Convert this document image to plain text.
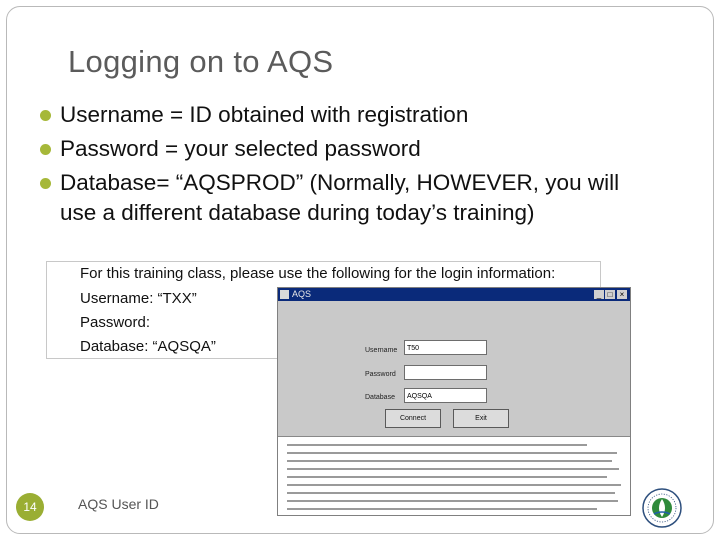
Logging on to AQS
Username = ID obtained with registration
Password = your selected password
Database= “AQSPROD” (Normally, HOWEVER, you will
use a different database during today’s training)
For this training class, please use the following for the login information:
Username: “TXX”
Password:
Database: “AQSQA”
AQS	_ □ ×
Username	T50
Password
Database	AQSQA
Connect	Exit
14	AQS User ID
